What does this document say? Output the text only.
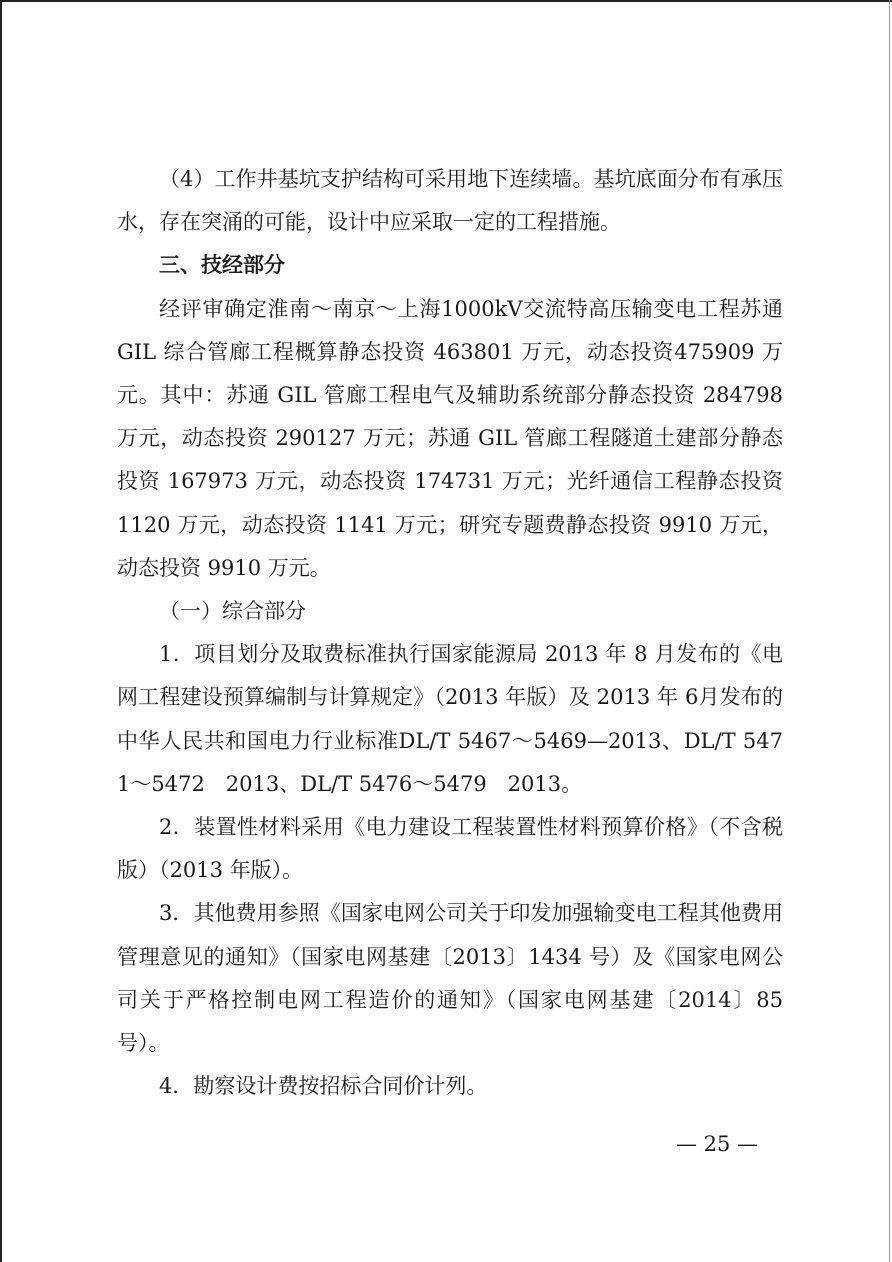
（4）工作井基坑支护结构可采用地下连续墙。基坑底面分布有承压水，存在突涌的可能，设计中应采取一定的工程措施。

三、技经部分

经评审确定淮南～南京～上海1000kV交流特高压输变电工程苏通 GIL 综合管廊工程概算静态投资 463801 万元，动态投资475909 万元。其中：苏通 GIL 管廊工程电气及辅助系统部分静态投资 284798 万元，动态投资 290127 万元；苏通 GIL 管廊工程隧道土建部分静态投资 167973 万元，动态投资 174731 万元；光纤通信工程静态投资 1120 万元，动态投资 1141 万元；研究专题费静态投资 9910 万元，动态投资 9910 万元。

（一）综合部分

1．项目划分及取费标准执行国家能源局 2013 年 8 月发布的《电网工程建设预算编制与计算规定》（2013 年版）及 2013 年 6月发布的中华人民共和国电力行业标准DL/T 5467～5469—2013、DL/T 5471～5472　2013、DL/T 5476～5479　2013。

2．装置性材料采用《电力建设工程装置性材料预算价格》（不含税版）（2013 年版）。

3．其他费用参照《国家电网公司关于印发加强输变电工程其他费用管理意见的通知》（国家电网基建〔2013〕1434 号）及《国家电网公司关于严格控制电网工程造价的通知》（国家电网基建〔2014〕85 号）。

4．勘察设计费按招标合同价计列。

— 25 —
